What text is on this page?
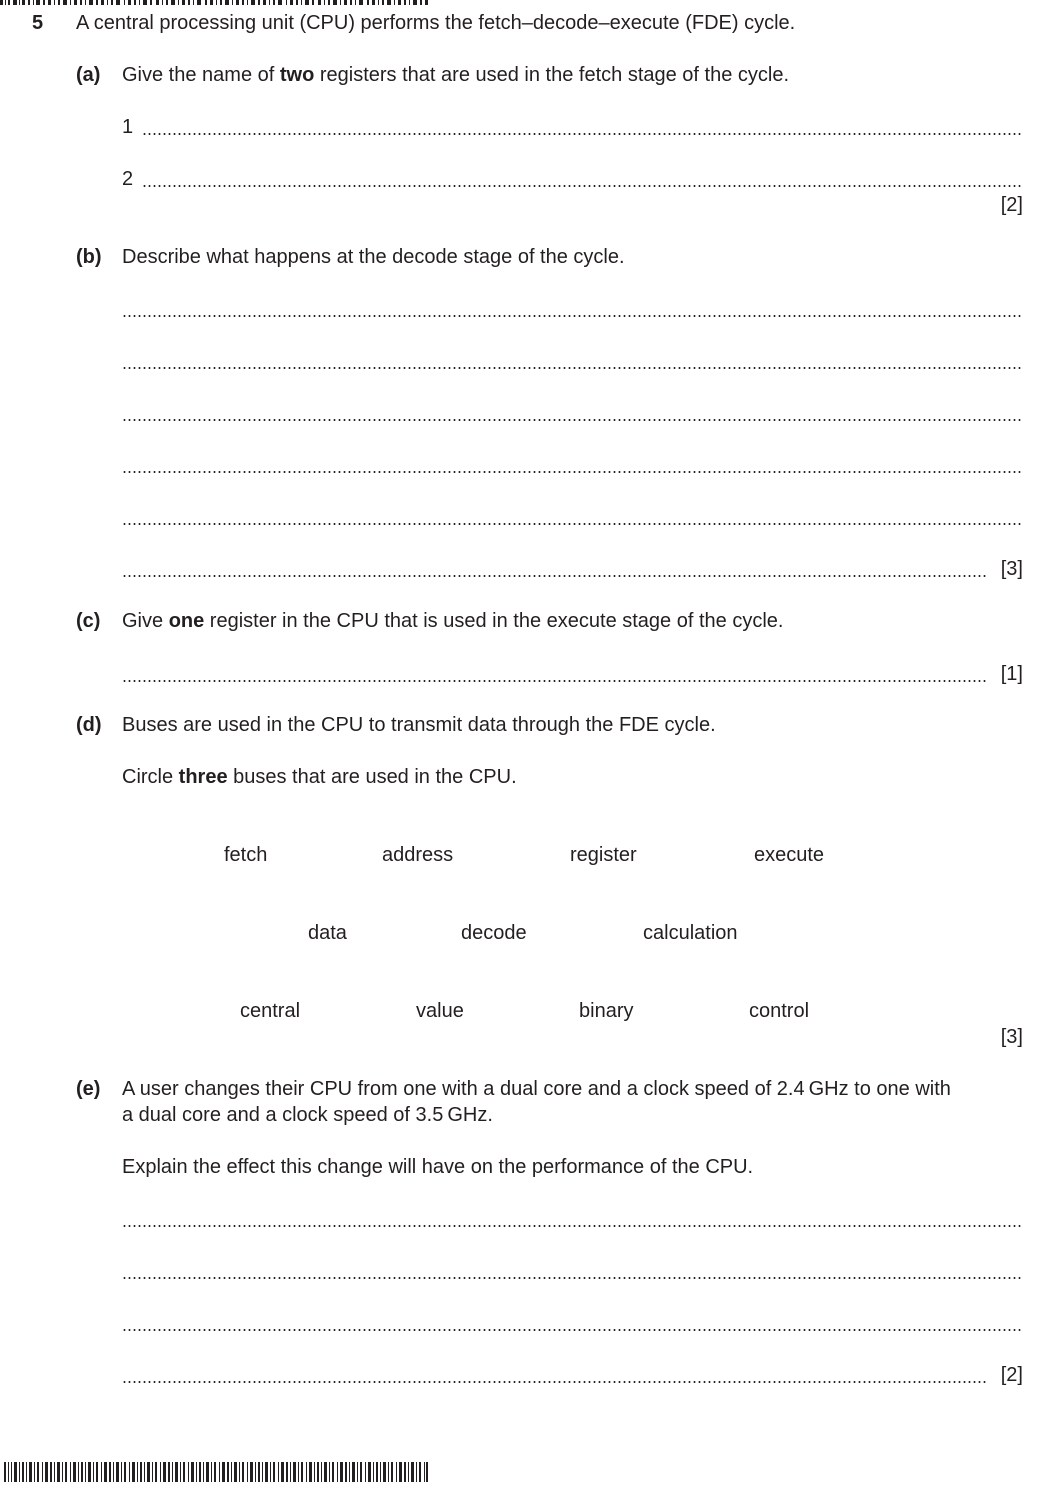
5 A central processing unit (CPU) performs the fetch–decode–execute (FDE) cycle.
(a) Give the name of two registers that are used in the fetch stage of the cycle.
1
2
[2]
(b) Describe what happens at the decode stage of the cycle.
[3]
(c) Give one register in the CPU that is used in the execute stage of the cycle.
[1]
(d) Buses are used in the CPU to transmit data through the FDE cycle.
Circle three buses that are used in the CPU.
fetch	address	register	execute
data	decode	calculation
central	value	binary	control
[3]
(e) A user changes their CPU from one with a dual core and a clock speed of 2.4 GHz to one with
a dual core and a clock speed of 3.5 GHz.
Explain the effect this change will have on the performance of the CPU.
[2]
